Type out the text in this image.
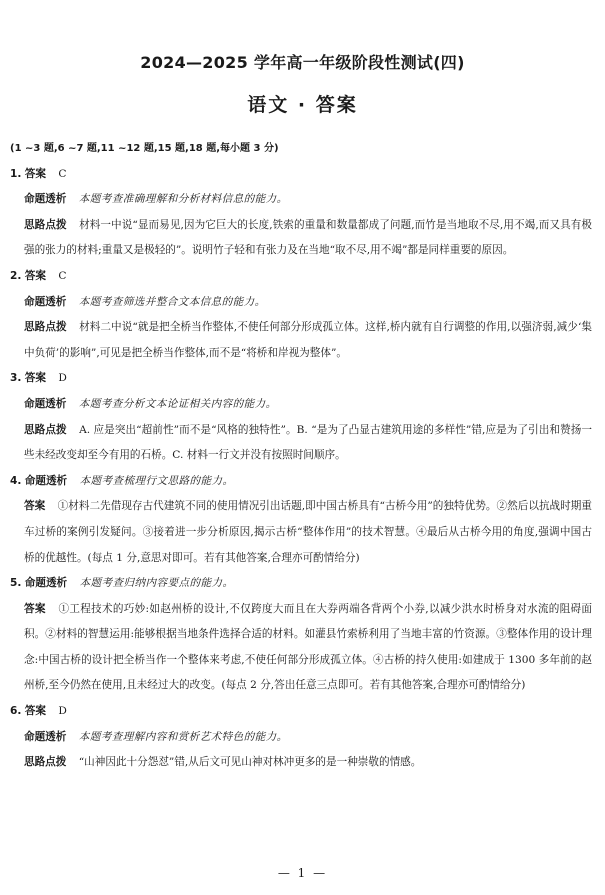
2024—2025 学年高一年级阶段性测试(四)
语文 · 答案
(1 ~3 题,6 ~7 题,11 ~12 题,15 题,18 题,每小题 3 分)
1. 答案 C
命题透析 本题考查准确理解和分析材料信息的能力。
思路点拨 材料一中说“显而易见,因为它巨大的长度,铁索的重量和数量都成了问题,而竹是当地取不尽,用不竭,而又具有极强的张力的材料;重量又是极轻的”。说明竹子轻和有张力及在当地“取不尽,用不竭”都是同样重要的原因。
2. 答案 C
命题透析 本题考查筛选并整合文本信息的能力。
思路点拨 材料二中说“就是把全桥当作整体,不使任何部分形成孤立体。这样,桥内就有自行调整的作用,以强济弱,减少‘集中负荷’的影响”,可见是把全桥当作整体,而不是“将桥和岸视为整体”。
3. 答案 D
命题透析 本题考查分析文本论证相关内容的能力。
思路点拨 A. 应是突出“超前性”而不是“风格的独特性”。B. “是为了凸显古建筑用途的多样性”错,应是为了引出和赞扬一些未经改变却至今有用的石桥。C. 材料一行文并没有按照时间顺序。
4. 命题透析 本题考查梳理行文思路的能力。
答案 ①材料二先借现存古代建筑不同的使用情况引出话题,即中国古桥具有“古桥今用”的独特优势。②然后以抗战时期重车过桥的案例引发疑问。③接着进一步分析原因,揭示古桥“整体作用”的技术智慧。④最后从古桥今用的角度,强调中国古桥的优越性。(每点 1 分,意思对即可。若有其他答案,合理亦可酌情给分)
5. 命题透析 本题考查归纳内容要点的能力。
答案 ①工程技术的巧妙:如赵州桥的设计,不仅跨度大而且在大券两端各背两个小券,以减少洪水时桥身对水流的阻碍面积。②材料的智慧运用:能够根据当地条件选择合适的材料。如灌县竹索桥利用了当地丰富的竹资源。③整体作用的设计理念:中国古桥的设计把全桥当作一个整体来考虑,不使任何部分形成孤立体。④古桥的持久使用:如建成于 1300 多年前的赵州桥,至今仍然在使用,且未经过大的改变。(每点 2 分,答出任意三点即可。若有其他答案,合理亦可酌情给分)
6. 答案 D
命题透析 本题考查理解内容和赏析艺术特色的能力。
思路点拨 “山神因此十分怨怼”错,从后文可见山神对林冲更多的是一种崇敬的情感。
— 1 —
